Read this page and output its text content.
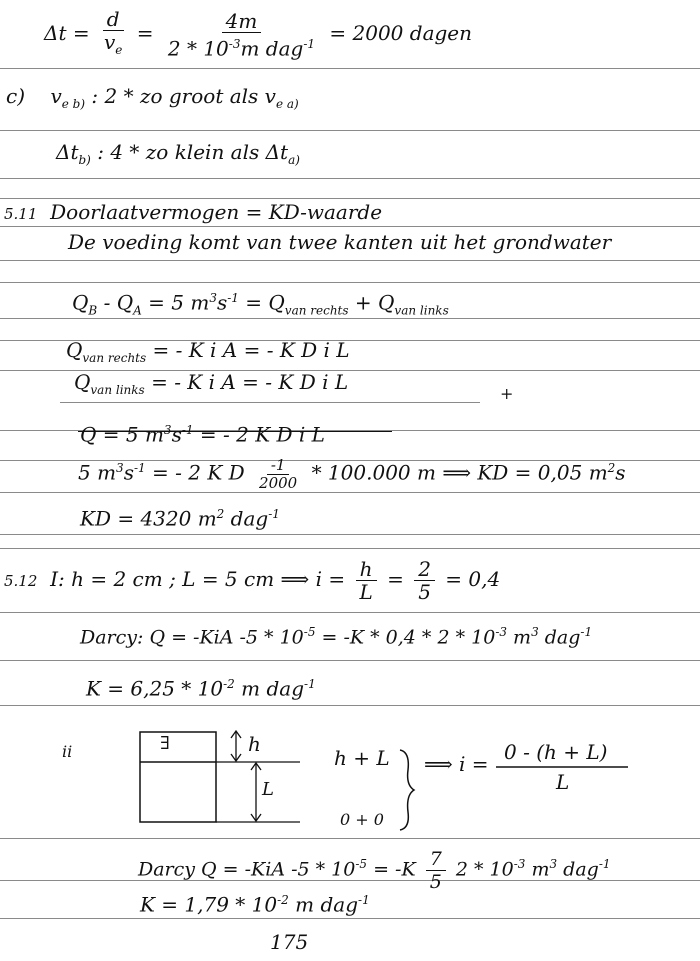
$\Delta t = \frac{d}{v_e} = \frac{4m}{2 * 10^{-3}m dag^{-1}} = 2000$ dagen
c) $v_{e b)}$ : 2 * zo groot als $v_{e a)}$
$\Delta t_{b)}$ : 4 * zo klein als $\Delta t_{a)}$
5.11 Doorlaatvermogen = KD-waarde
De voeding komt van twee kanten uit het grondwater
$Q_B - Q_A = 5$ $m^3s^{-1} = Q_{van rechts} + Q_{van links}$
$Q_{van rechts}$ = - K i A = - K D i L
$Q_{van links}$ = - K i A = - K D i L	+
Q = 5 $m^3s^{-1}$ = - 2 K D i L
5 $m^3s^{-1}$ = - 2 K D $\frac{-1}{2000} * 100.000$ m ⟹ KD = 0,05 $m^2s$
KD = 4320 $m^2$ dag$^{-1}$
5.12 I: h = 2 cm ; L = 5 cm ⟹ $i = \frac{h}{L} = \frac{2}{5} = 0,4$
Darcy: Q = -KiA $-5 * 10^{-5} = -K * 0,4 * 2 * 10^{-3}$ $m^3$ dag$^{-1}$
$K = 6,25 * 10^{-2}$ m dag$^{-1}$
∃
ii	h
L
h + L
0 + 0
⟹ i = 0 - (h + L)
L
Darcy Q = -KiA $-5 * 10^{-5} = -K \frac{7}{5} 2 * 10^{-3}$ $m^3$ dag$^{-1}$
$K = 1,79 * 10^{-2}$ m dag$^{-1}$
175
